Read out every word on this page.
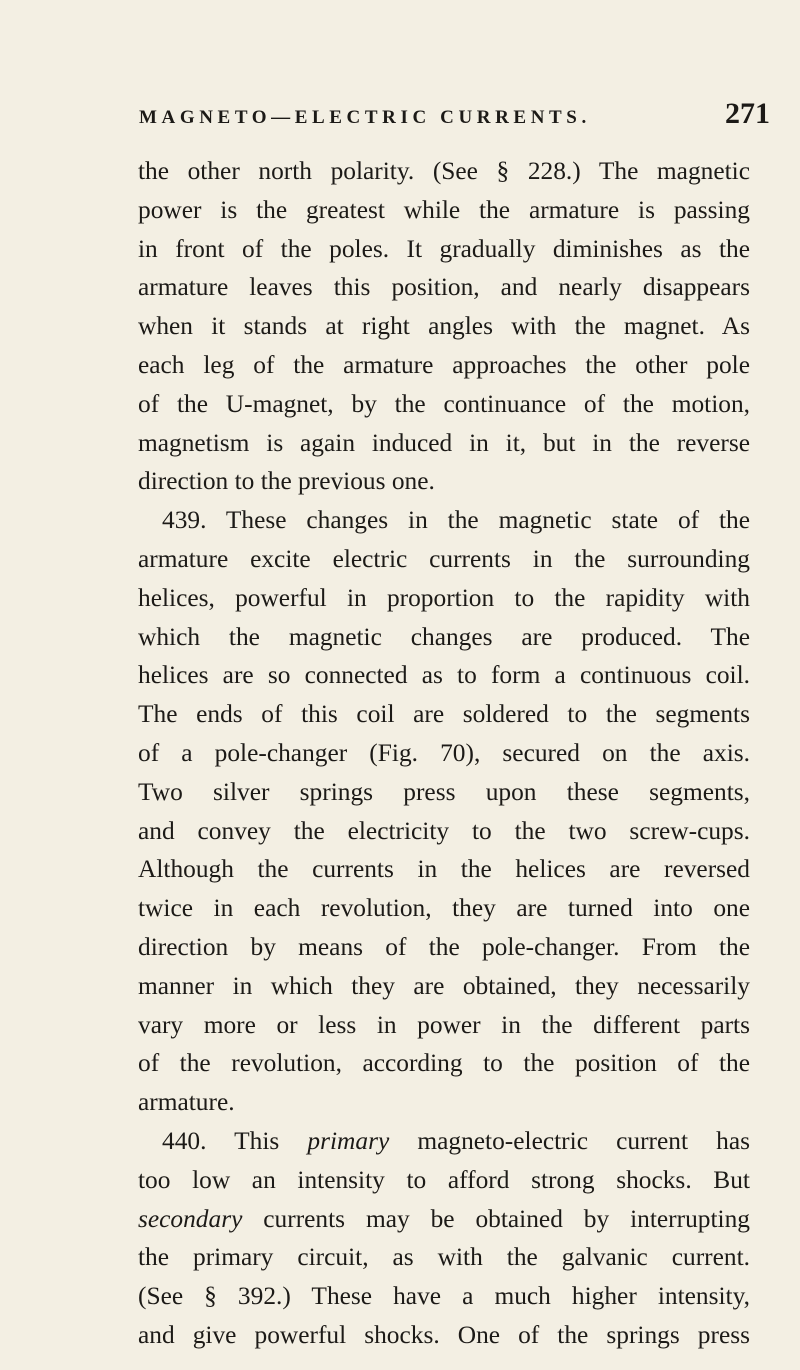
MAGNETO—ELECTRIC CURRENTS.	271
the other north polarity. (See § 228.) The magnetic
power is the greatest while the armature is passing
in front of the poles. It gradually diminishes as the
armature leaves this position, and nearly disappears
when it stands at right angles with the magnet. As
each leg of the armature approaches the other pole
of the U-magnet, by the continuance of the motion,
magnetism is again induced in it, but in the reverse
direction to the previous one.
439. These changes in the magnetic state of the
armature excite electric currents in the surrounding
helices, powerful in proportion to the rapidity with
which the magnetic changes are produced. The
helices are so connected as to form a continuous coil.
The ends of this coil are soldered to the segments
of a pole-changer (Fig. 70), secured on the axis.
Two silver springs press upon these segments,
and convey the electricity to the two screw-cups.
Although the currents in the helices are reversed
twice in each revolution, they are turned into one
direction by means of the pole-changer. From the
manner in which they are obtained, they necessarily
vary more or less in power in the different parts
of the revolution, according to the position of the
armature.
440. This primary magneto-electric current has
too low an intensity to afford strong shocks. But
secondary currents may be obtained by interrupting
the primary circuit, as with the galvanic current.
(See § 392.) These have a much higher intensity,
and give powerful shocks. One of the springs press
